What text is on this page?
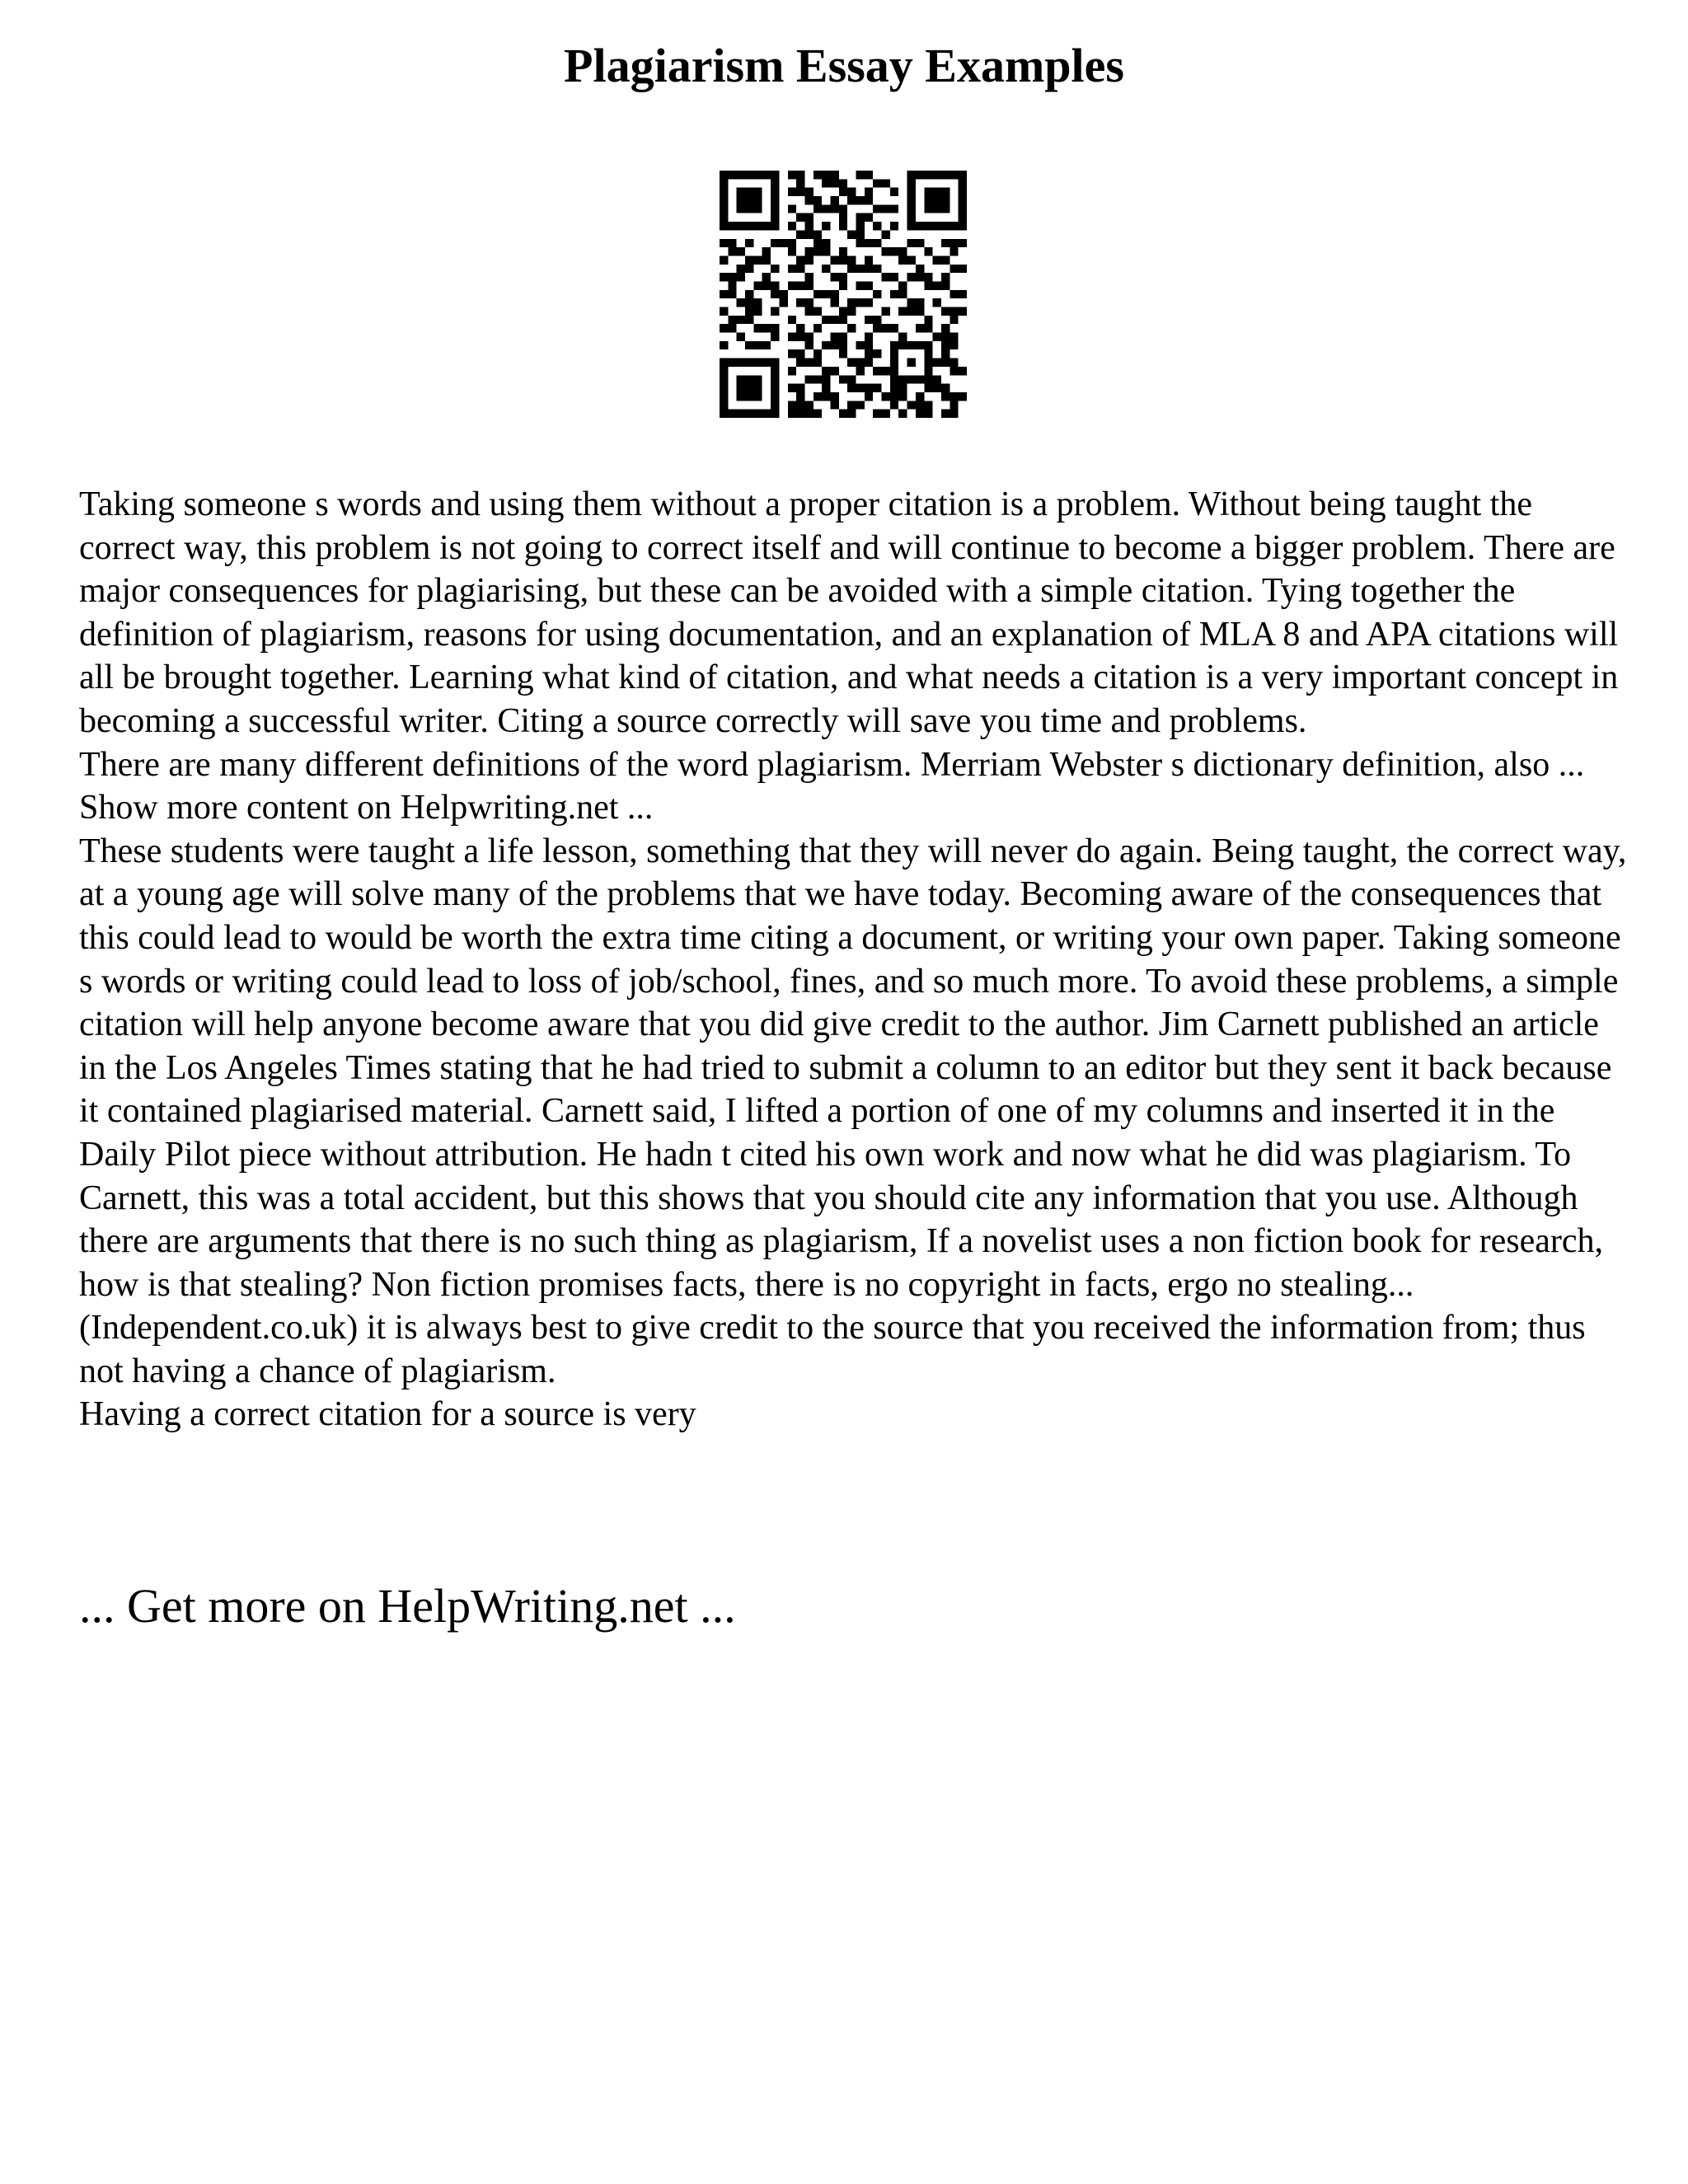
Plagiarism Essay Examples

Taking someone s words and using them without a proper citation is a problem. Without being taught the correct way, this problem is not going to correct itself and will continue to become a bigger problem. There are major consequences for plagiarising, but these can be avoided with a simple citation. Tying together the definition of plagiarism, reasons for using documentation, and an explanation of MLA 8 and APA citations will all be brought together. Learning what kind of citation, and what needs a citation is a very important concept in becoming a successful writer. Citing a source correctly will save you time and problems.

There are many different definitions of the word plagiarism. Merriam Webster s dictionary definition, also ... Show more content on Helpwriting.net ...

These students were taught a life lesson, something that they will never do again. Being taught, the correct way, at a young age will solve many of the problems that we have today. Becoming aware of the consequences that this could lead to would be worth the extra time citing a document, or writing your own paper. Taking someone s words or writing could lead to loss of job/school, fines, and so much more. To avoid these problems, a simple citation will help anyone become aware that you did give credit to the author. Jim Carnett published an article in the Los Angeles Times stating that he had tried to submit a column to an editor but they sent it back because it contained plagiarised material. Carnett said, I lifted a portion of one of my columns and inserted it in the Daily Pilot piece without attribution. He hadn t cited his own work and now what he did was plagiarism. To Carnett, this was a total accident, but this shows that you should cite any information that you use. Although there are arguments that there is no such thing as plagiarism, If a novelist uses a non fiction book for research, how is that stealing? Non fiction promises facts, there is no copyright in facts, ergo no stealing... (Independent.co.uk) it is always best to give credit to the source that you received the information from; thus not having a chance of plagiarism.

Having a correct citation for a source is very

... Get more on HelpWriting.net ...
